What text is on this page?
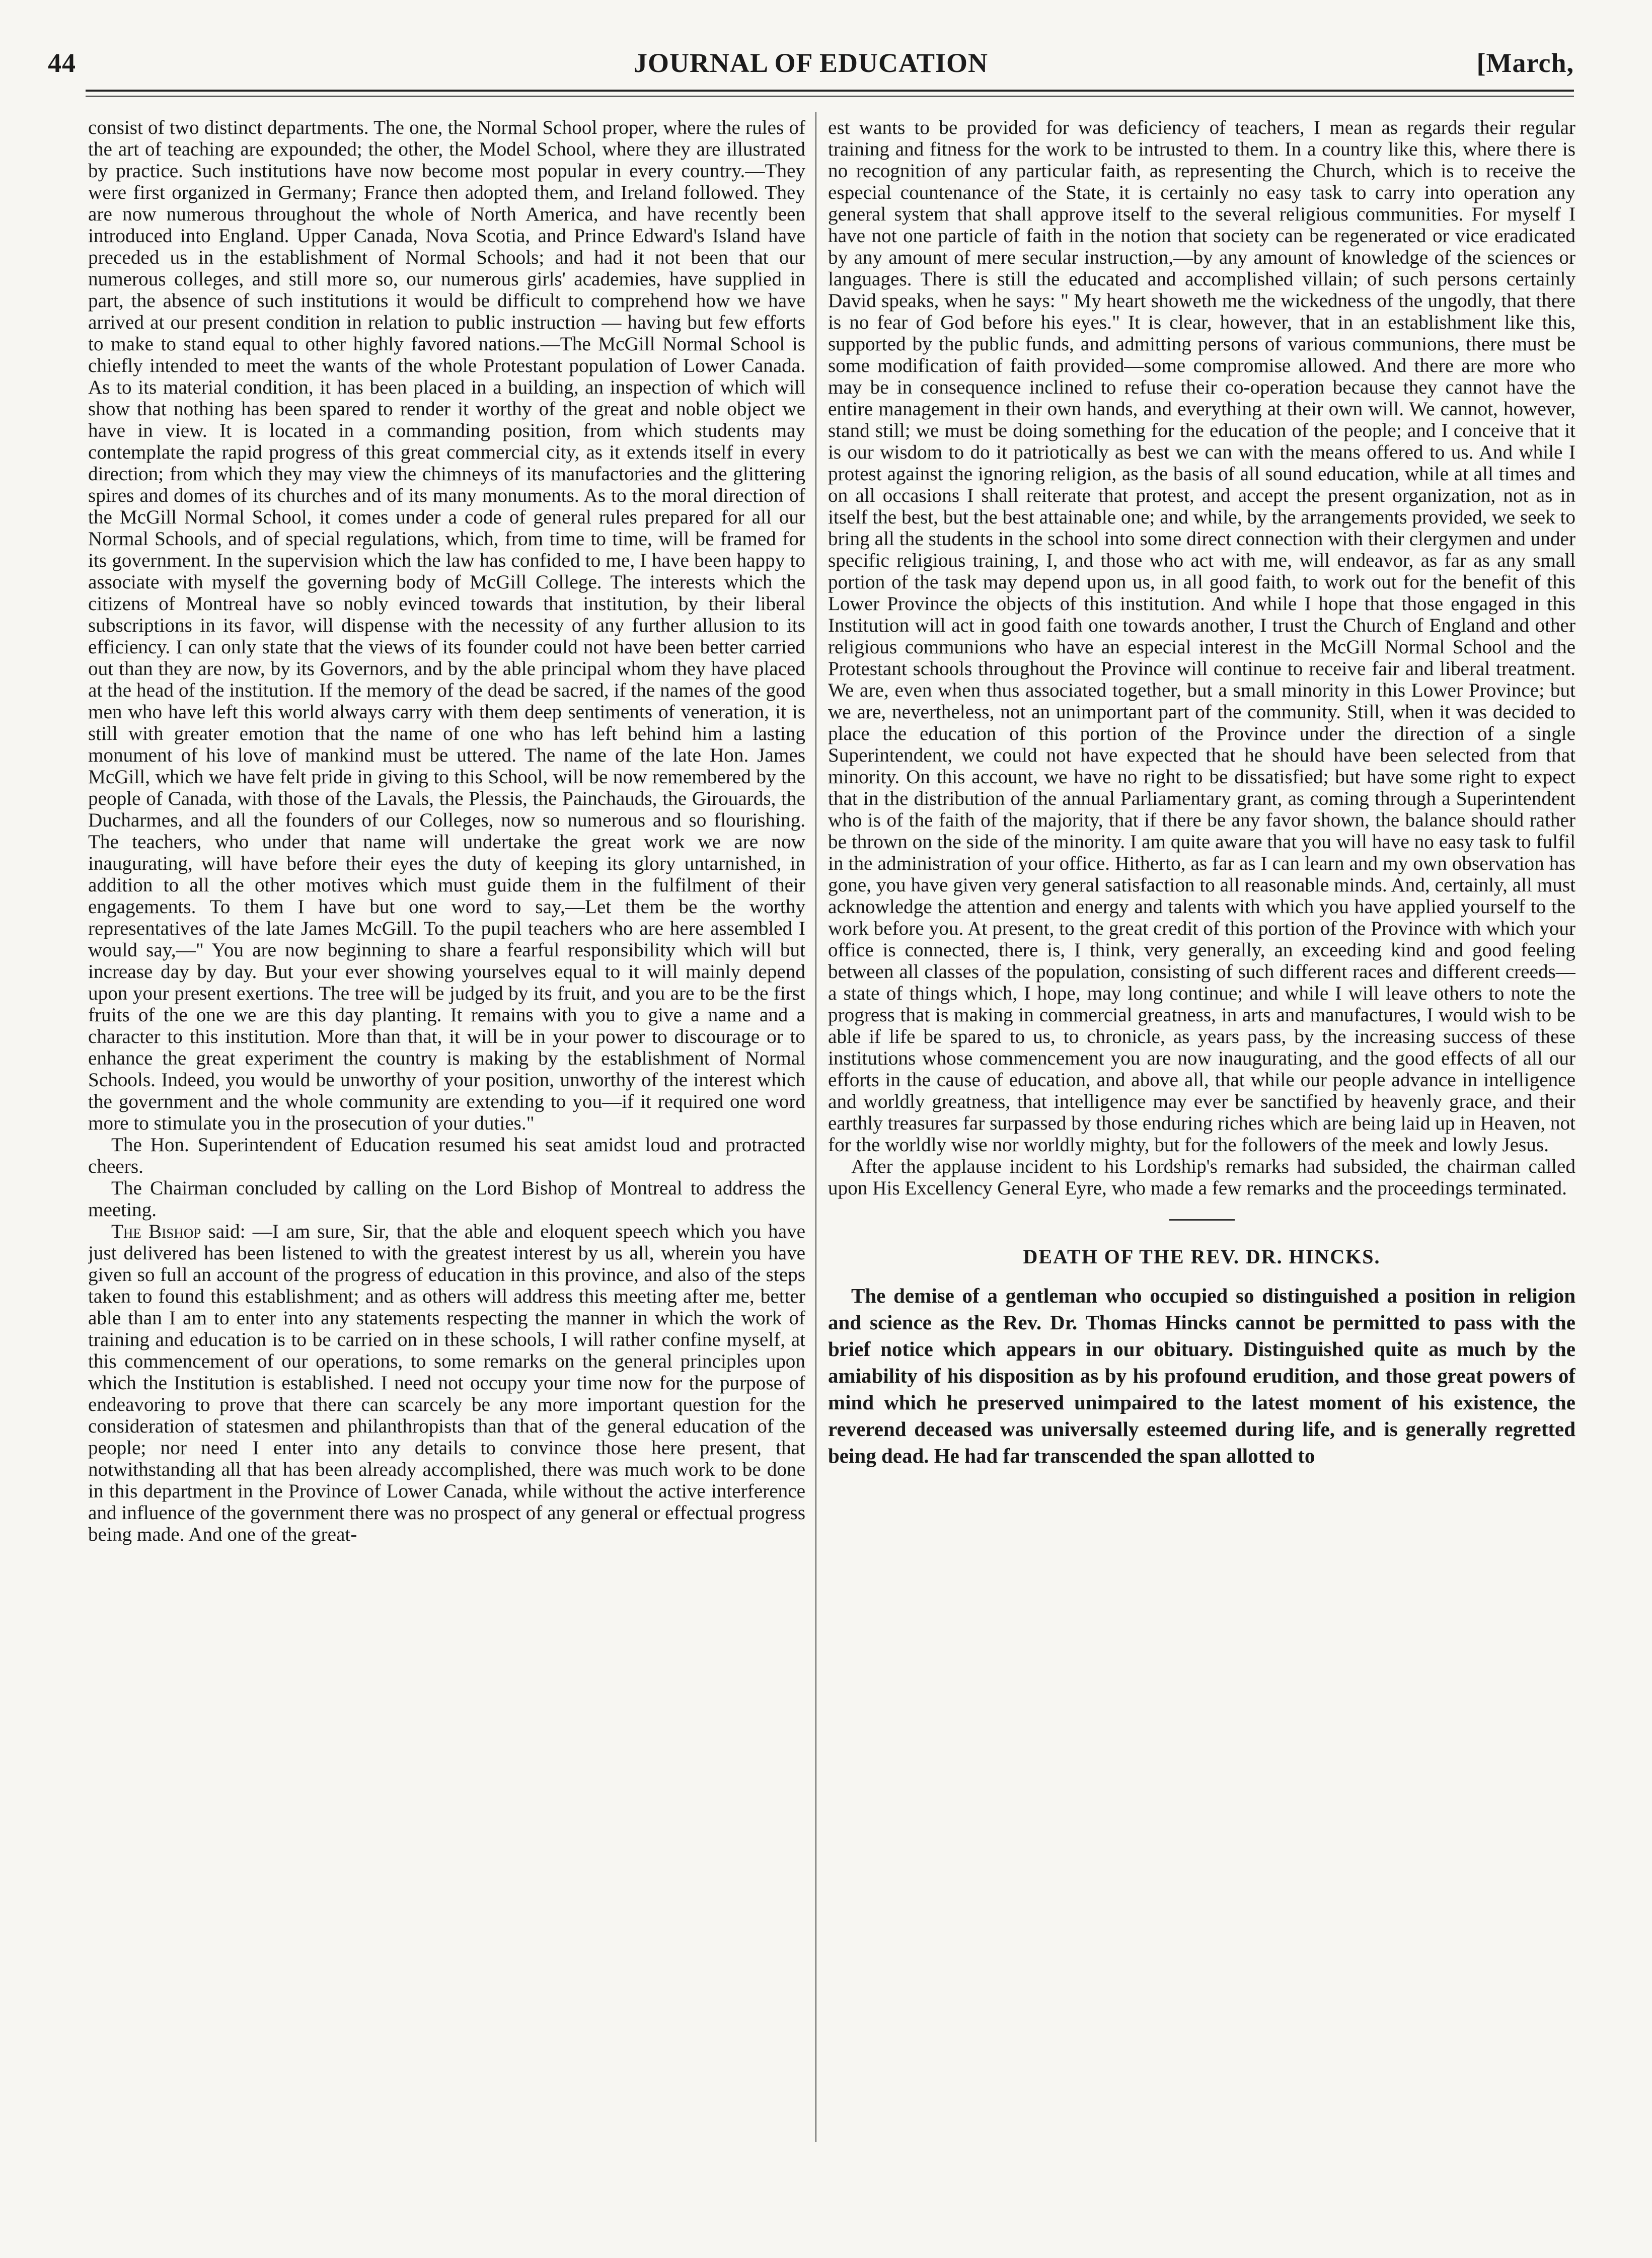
44	JOURNAL OF EDUCATION	[March,

consist of two distinct departments. The one, the Normal School proper, where the rules of the art of teaching are expounded; the other, the Model School, where they are illustrated by practice. Such institutions have now become most popular in every country.—They were first organized in Germany; France then adopted them, and Ireland followed. They are now numerous throughout the whole of North America, and have recently been introduced into England. Upper Canada, Nova Scotia, and Prince Edward's Island have preceded us in the establishment of Normal Schools; and had it not been that our numerous colleges, and still more so, our numerous girls' academies, have supplied in part, the absence of such institutions it would be difficult to comprehend how we have arrived at our present condition in relation to public instruction — having but few efforts to make to stand equal to other highly favored nations.—The McGill Normal School is chiefly intended to meet the wants of the whole Protestant population of Lower Canada. As to its material condition, it has been placed in a building, an inspection of which will show that nothing has been spared to render it worthy of the great and noble object we have in view. It is located in a commanding position, from which students may contemplate the rapid progress of this great commercial city, as it extends itself in every direction; from which they may view the chimneys of its manufactories and the glittering spires and domes of its churches and of its many monuments. As to the moral direction of the McGill Normal School, it comes under a code of general rules prepared for all our Normal Schools, and of special regulations, which, from time to time, will be framed for its government. In the supervision which the law has confided to me, I have been happy to associate with myself the governing body of McGill College. The interests which the citizens of Montreal have so nobly evinced towards that institution, by their liberal subscriptions in its favor, will dispense with the necessity of any further allusion to its efficiency. I can only state that the views of its founder could not have been better carried out than they are now, by its Governors, and by the able principal whom they have placed at the head of the institution. If the memory of the dead be sacred, if the names of the good men who have left this world always carry with them deep sentiments of veneration, it is still with greater emotion that the name of one who has left behind him a lasting monument of his love of mankind must be uttered. The name of the late Hon. James McGill, which we have felt pride in giving to this School, will be now remembered by the people of Canada, with those of the Lavals, the Plessis, the Painchauds, the Girouards, the Ducharmes, and all the founders of our Colleges, now so numerous and so flourishing. The teachers, who under that name will undertake the great work we are now inaugurating, will have before their eyes the duty of keeping its glory untarnished, in addition to all the other motives which must guide them in the fulfilment of their engagements. To them I have but one word to say,—Let them be the worthy representatives of the late James McGill. To the pupil teachers who are here assembled I would say,—" You are now beginning to share a fearful responsibility which will but increase day by day. But your ever showing yourselves equal to it will mainly depend upon your present exertions. The tree will be judged by its fruit, and you are to be the first fruits of the one we are this day planting. It remains with you to give a name and a character to this institution. More than that, it will be in your power to discourage or to enhance the great experiment the country is making by the establishment of Normal Schools. Indeed, you would be unworthy of your position, unworthy of the interest which the government and the whole community are extending to you—if it required one word more to stimulate you in the prosecution of your duties."

The Hon. Superintendent of Education resumed his seat amidst loud and protracted cheers.

The Chairman concluded by calling on the Lord Bishop of Montreal to address the meeting.

The Bishop said: —I am sure, Sir, that the able and eloquent speech which you have just delivered has been listened to with the greatest interest by us all, wherein you have given so full an account of the progress of education in this province, and also of the steps taken to found this establishment; and as others will address this meeting after me, better able than I am to enter into any statements respecting the manner in which the work of training and education is to be carried on in these schools, I will rather confine myself, at this commencement of our operations, to some remarks on the general principles upon which the Institution is established. I need not occupy your time now for the purpose of endeavoring to prove that there can scarcely be any more important question for the consideration of statesmen and philanthropists than that of the general education of the people; nor need I enter into any details to convince those here present, that notwithstanding all that has been already accomplished, there was much work to be done in this department in the Province of Lower Canada, while without the active interference and influence of the government there was no prospect of any general or effectual progress being made. And one of the great-

est wants to be provided for was deficiency of teachers, I mean as regards their regular training and fitness for the work to be intrusted to them. In a country like this, where there is no recognition of any particular faith, as representing the Church, which is to receive the especial countenance of the State, it is certainly no easy task to carry into operation any general system that shall approve itself to the several religious communities. For myself I have not one particle of faith in the notion that society can be regenerated or vice eradicated by any amount of mere secular instruction,—by any amount of knowledge of the sciences or languages. There is still the educated and accomplished villain; of such persons certainly David speaks, when he says: " My heart showeth me the wickedness of the ungodly, that there is no fear of God before his eyes." It is clear, however, that in an establishment like this, supported by the public funds, and admitting persons of various communions, there must be some modification of faith provided—some compromise allowed. And there are more who may be in consequence inclined to refuse their co-operation because they cannot have the entire management in their own hands, and everything at their own will. We cannot, however, stand still; we must be doing something for the education of the people; and I conceive that it is our wisdom to do it patriotically as best we can with the means offered to us. And while I protest against the ignoring religion, as the basis of all sound education, while at all times and on all occasions I shall reiterate that protest, and accept the present organization, not as in itself the best, but the best attainable one; and while, by the arrangements provided, we seek to bring all the students in the school into some direct connection with their clergymen and under specific religious training, I, and those who act with me, will endeavor, as far as any small portion of the task may depend upon us, in all good faith, to work out for the benefit of this Lower Province the objects of this institution. And while I hope that those engaged in this Institution will act in good faith one towards another, I trust the Church of England and other religious communions who have an especial interest in the McGill Normal School and the Protestant schools throughout the Province will continue to receive fair and liberal treatment. We are, even when thus associated together, but a small minority in this Lower Province; but we are, nevertheless, not an unimportant part of the community. Still, when it was decided to place the education of this portion of the Province under the direction of a single Superintendent, we could not have expected that he should have been selected from that minority. On this account, we have no right to be dissatisfied; but have some right to expect that in the distribution of the annual Parliamentary grant, as coming through a Superintendent who is of the faith of the majority, that if there be any favor shown, the balance should rather be thrown on the side of the minority. I am quite aware that you will have no easy task to fulfil in the administration of your office. Hitherto, as far as I can learn and my own observation has gone, you have given very general satisfaction to all reasonable minds. And, certainly, all must acknowledge the attention and energy and talents with which you have applied yourself to the work before you. At present, to the great credit of this portion of the Province with which your office is connected, there is, I think, very generally, an exceeding kind and good feeling between all classes of the population, consisting of such different races and different creeds—a state of things which, I hope, may long continue; and while I will leave others to note the progress that is making in commercial greatness, in arts and manufactures, I would wish to be able if life be spared to us, to chronicle, as years pass, by the increasing success of these institutions whose commencement you are now inaugurating, and the good effects of all our efforts in the cause of education, and above all, that while our people advance in intelligence and worldly greatness, that intelligence may ever be sanctified by heavenly grace, and their earthly treasures far surpassed by those enduring riches which are being laid up in Heaven, not for the worldly wise nor worldly mighty, but for the followers of the meek and lowly Jesus.

After the applause incident to his Lordship's remarks had subsided, the chairman called upon His Excellency General Eyre, who made a few remarks and the proceedings terminated.

DEATH OF THE REV. DR. HINCKS.

The demise of a gentleman who occupied so distinguished a position in religion and science as the Rev. Dr. Thomas Hincks cannot be permitted to pass with the brief notice which appears in our obituary. Distinguished quite as much by the amiability of his disposition as by his profound erudition, and those great powers of mind which he preserved unimpaired to the latest moment of his existence, the reverend deceased was universally esteemed during life, and is generally regretted being dead. He had far transcended the span allotted to
